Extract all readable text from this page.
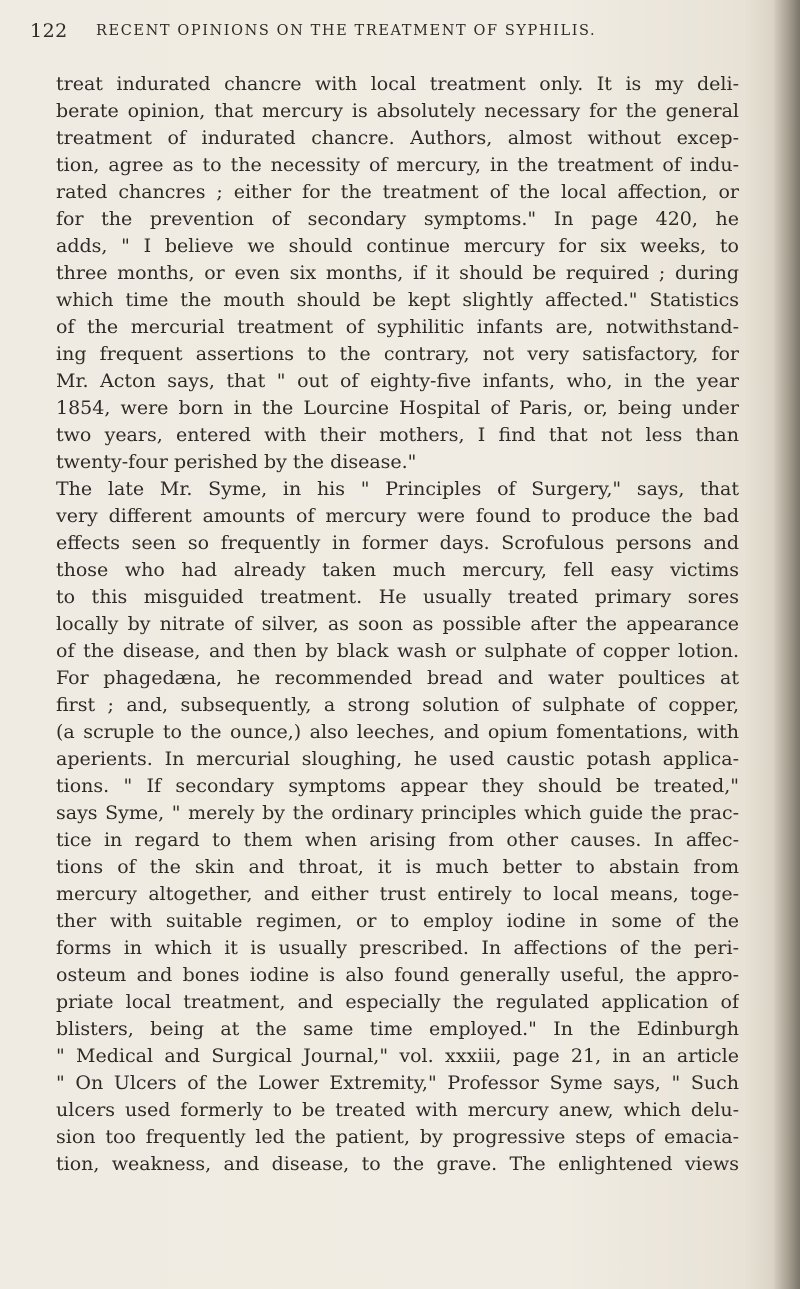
122 RECENT OPINIONS ON THE TREATMENT OF SYPHILIS.
treat indurated chancre with local treatment only. It is my deli-
berate opinion, that mercury is absolutely necessary for the general
treatment of indurated chancre. Authors, almost without excep-
tion, agree as to the necessity of mercury, in the treatment of indu-
rated chancres ; either for the treatment of the local affection, or
for the prevention of secondary symptoms." In page 420, he
adds, " I believe we should continue mercury for six weeks, to
three months, or even six months, if it should be required ; during
which time the mouth should be kept slightly affected." Statistics
of the mercurial treatment of syphilitic infants are, notwithstand-
ing frequent assertions to the contrary, not very satisfactory, for
Mr. Acton says, that " out of eighty-five infants, who, in the year
1854, were born in the Lourcine Hospital of Paris, or, being under
two years, entered with their mothers, I find that not less than
twenty-four perished by the disease."
The late Mr. Syme, in his " Principles of Surgery," says, that
very different amounts of mercury were found to produce the bad
effects seen so frequently in former days. Scrofulous persons and
those who had already taken much mercury, fell easy victims
to this misguided treatment. He usually treated primary sores
locally by nitrate of silver, as soon as possible after the appearance
of the disease, and then by black wash or sulphate of copper lotion.
For phagedæna, he recommended bread and water poultices at
first ; and, subsequently, a strong solution of sulphate of copper,
(a scruple to the ounce,) also leeches, and opium fomentations, with
aperients. In mercurial sloughing, he used caustic potash applica-
tions. " If secondary symptoms appear they should be treated,"
says Syme, " merely by the ordinary principles which guide the prac-
tice in regard to them when arising from other causes. In affec-
tions of the skin and throat, it is much better to abstain from
mercury altogether, and either trust entirely to local means, toge-
ther with suitable regimen, or to employ iodine in some of the
forms in which it is usually prescribed. In affections of the peri-
osteum and bones iodine is also found generally useful, the appro-
priate local treatment, and especially the regulated application of
blisters, being at the same time employed." In the Edinburgh
" Medical and Surgical Journal," vol. xxxiii, page 21, in an article
" On Ulcers of the Lower Extremity," Professor Syme says, " Such
ulcers used formerly to be treated with mercury anew, which delu-
sion too frequently led the patient, by progressive steps of emacia-
tion, weakness, and disease, to the grave. The enlightened views
